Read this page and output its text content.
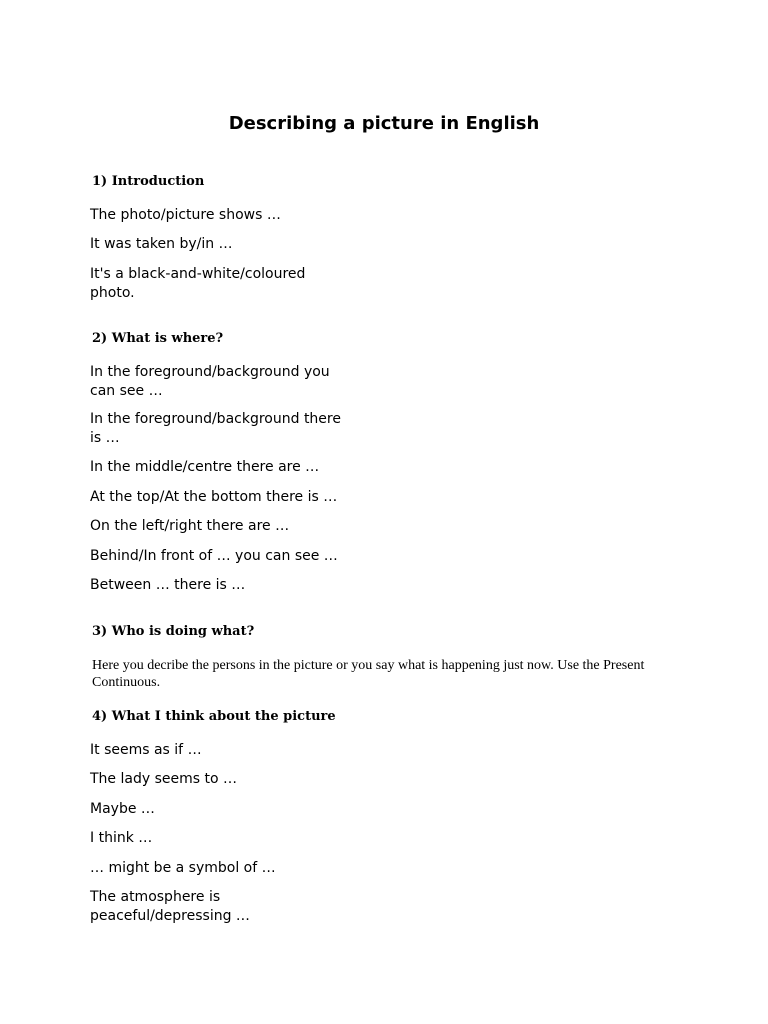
Describing a picture in English
1) Introduction
The photo/picture shows …
It was taken by/in …
It's a black-and-white/coloured photo.
2) What is where?
In the foreground/background you can see …
In the foreground/background there is …
In the middle/centre there are …
At the top/At the bottom there is …
On the left/right there are …
Behind/In front of … you can see …
Between … there is …
3) Who is doing what?
Here you decribe the persons in the picture or you say what is happening just now. Use the Present Continuous.
4) What I think about the picture
It seems as if …
The lady seems to …
Maybe …
I think …
… might be a symbol of …
The atmosphere is peaceful/depressing …
